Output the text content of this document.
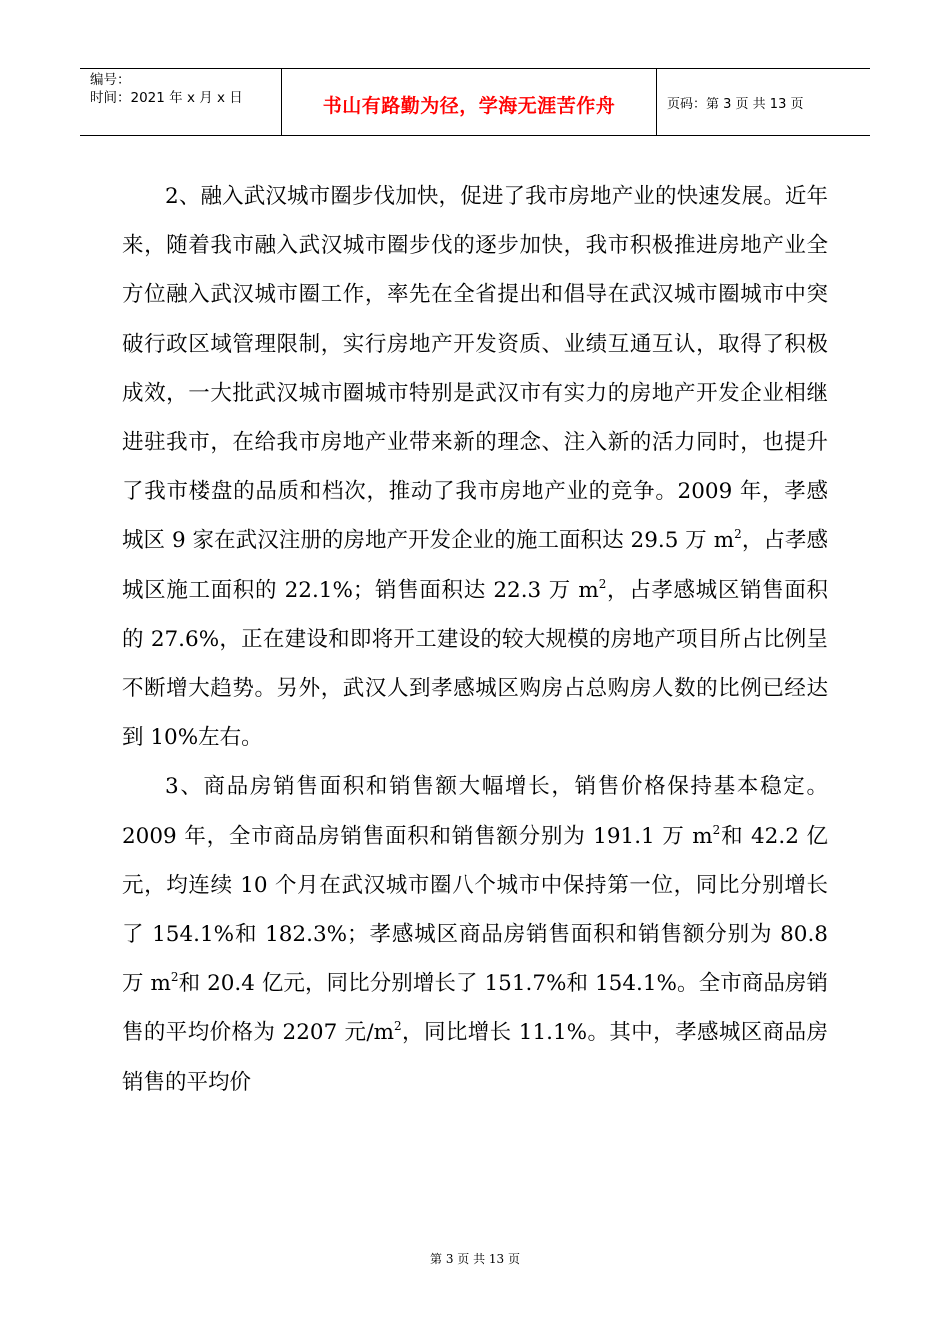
编号：
时间：2021 年 x 月 x 日	书山有路勤为径，学海无涯苦作舟	页码：第 3 页 共 13 页

2、融入武汉城市圈步伐加快，促进了我市房地产业的快速发展。近年来，随着我市融入武汉城市圈步伐的逐步加快，我市积极推进房地产业全方位融入武汉城市圈工作，率先在全省提出和倡导在武汉城市圈城市中突破行政区域管理限制，实行房地产开发资质、业绩互通互认，取得了积极成效，一大批武汉城市圈城市特别是武汉市有实力的房地产开发企业相继进驻我市，在给我市房地产业带来新的理念、注入新的活力同时，也提升了我市楼盘的品质和档次，推动了我市房地产业的竞争。2009 年，孝感城区 9 家在武汉注册的房地产开发企业的施工面积达 29.5 万 $m^2$，占孝感城区施工面积的 22.1%；销售面积达 22.3 万 $m^2$，占孝感城区销售面积的 27.6%，正在建设和即将开工建设的较大规模的房地产项目所占比例呈不断增大趋势。另外，武汉人到孝感城区购房占总购房人数的比例已经达到 10%左右。

3、商品房销售面积和销售额大幅增长，销售价格保持基本稳定。2009 年，全市商品房销售面积和销售额分别为 191.1 万 $m^2$和 42.2 亿元，均连续 10 个月在武汉城市圈八个城市中保持第一位，同比分别增长了 154.1%和 182.3%；孝感城区商品房销售面积和销售额分别为 80.8 万 $m^2$和 20.4 亿元，同比分别增长了 151.7%和 154.1%。全市商品房销售的平均价格为 2207 元$/m^2$，同比增长 11.1%。其中，孝感城区商品房销售的平均价

第 3 页 共 13 页
